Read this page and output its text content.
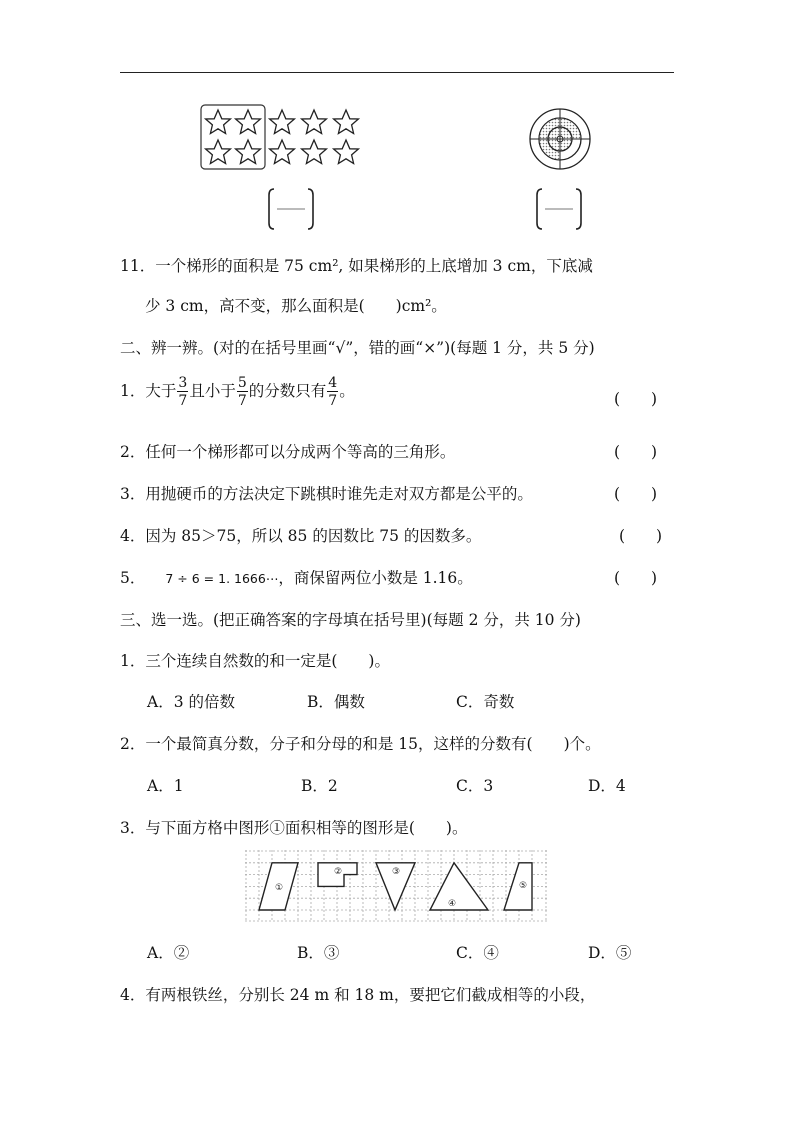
11．一个梯形的面积是 75 cm², 如果梯形的上底增加 3 cm，下底减
少 3 cm，高不变，那么面积是(　　)cm²。
二、辨一辨。(对的在括号里画“√”，错的画“×”)(每题 1 分，共 5 分)
1．大于 $\frac{3}{7}$ 且小于 $\frac{5}{7}$ 的分数只有 $\frac{4}{7}$ 。	(　　)
2．任何一个梯形都可以分成两个等高的三角形。	(　　)
3．用抛硬币的方法决定下跳棋时谁先走对双方都是公平的。	(　　)
4．因为 85＞75，所以 85 的因数比 75 的因数多。	(　　)
5． 7 ÷ 6 = 1. 1666⋯，商保留两位小数是 1.16。	(　　)
三、选一选。(把正确答案的字母填在括号里)(每题 2 分，共 10 分)
1．三个连续自然数的和一定是(　　)。
A．3 的倍数	B．偶数	C．奇数
2．一个最简真分数，分子和分母的和是 15，这样的分数有(　　)个。
A．1	B．2	C．3	D．4
3．与下面方格中图形①面积相等的图形是(　　)。
①
②	③
④
⑤
A．②	B．③	C．④	D．⑤
4．有两根铁丝，分别长 24 m 和 18 m，要把它们截成相等的小段，
